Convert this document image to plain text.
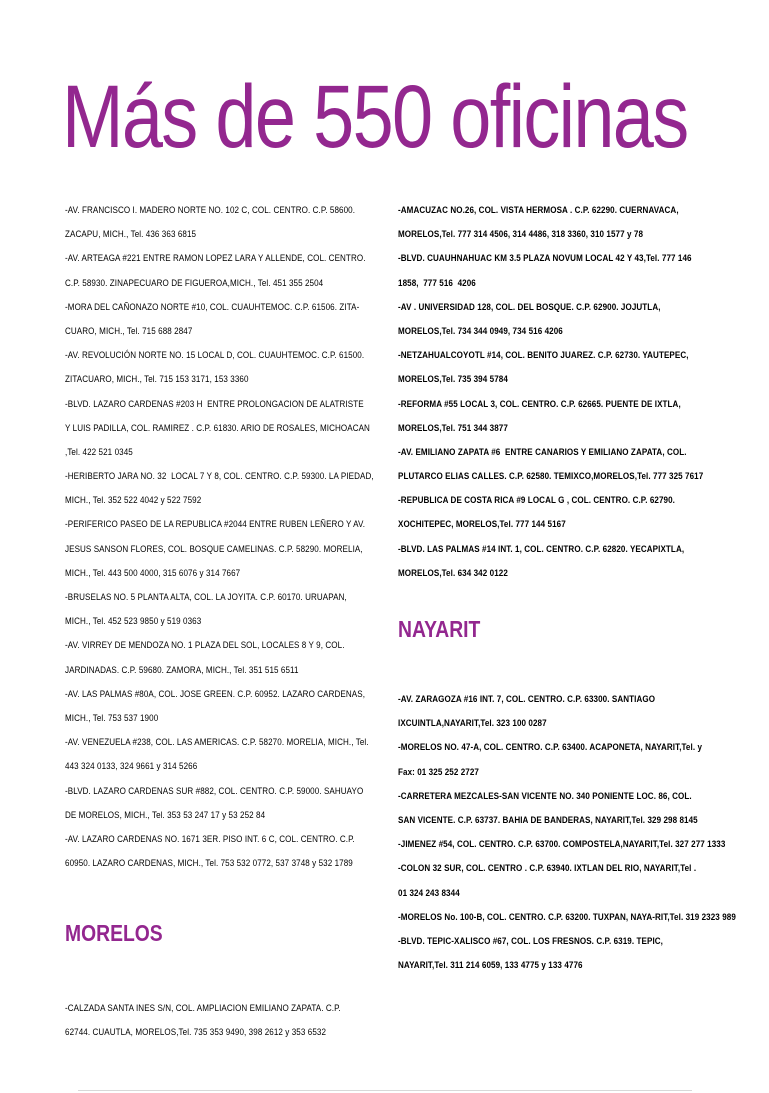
Más de 550 oficinas
-AV. FRANCISCO I. MADERO NORTE NO. 102 C, COL. CENTRO. C.P. 58600.
ZACAPU, MICH., Tel. 436 363 6815
-AV. ARTEAGA #221 ENTRE RAMON LOPEZ LARA Y ALLENDE, COL. CENTRO.
C.P. 58930. ZINAPECUARO DE FIGUEROA,MICH., Tel. 451 355 2504
-MORA DEL CAÑONAZO NORTE #10, COL. CUAUHTEMOC. C.P. 61506. ZITA-
CUARO, MICH., Tel. 715 688 2847
-AV. REVOLUCIÓN NORTE NO. 15 LOCAL D, COL. CUAUHTEMOC. C.P. 61500.
ZITACUARO, MICH., Tel. 715 153 3171, 153 3360
-BLVD. LAZARO CARDENAS #203 H  ENTRE PROLONGACION DE ALATRISTE
Y LUIS PADILLA, COL. RAMIREZ . C.P. 61830. ARIO DE ROSALES, MICHOACAN
,Tel. 422 521 0345
-HERIBERTO JARA NO. 32  LOCAL 7 Y 8, COL. CENTRO. C.P. 59300. LA PIEDAD,
MICH., Tel. 352 522 4042 y 522 7592
-PERIFERICO PASEO DE LA REPUBLICA #2044 ENTRE RUBEN LEÑERO Y AV.
JESUS SANSON FLORES, COL. BOSQUE CAMELINAS. C.P. 58290. MORELIA,
MICH., Tel. 443 500 4000, 315 6076 y 314 7667
-BRUSELAS NO. 5 PLANTA ALTA, COL. LA JOYITA. C.P. 60170. URUAPAN,
MICH., Tel. 452 523 9850 y 519 0363
-AV. VIRREY DE MENDOZA NO. 1 PLAZA DEL SOL, LOCALES 8 Y 9, COL.
JARDINADAS. C.P. 59680. ZAMORA, MICH., Tel. 351 515 6511
-AV. LAS PALMAS #80A, COL. JOSE GREEN. C.P. 60952. LAZARO CARDENAS,
MICH., Tel. 753 537 1900
-AV. VENEZUELA #238, COL. LAS AMERICAS. C.P. 58270. MORELIA, MICH., Tel.
443 324 0133, 324 9661 y 314 5266
-BLVD. LAZARO CARDENAS SUR #882, COL. CENTRO. C.P. 59000. SAHUAYO
DE MORELOS, MICH., Tel. 353 53 247 17 y 53 252 84
-AV. LAZARO CARDENAS NO. 1671 3ER. PISO INT. 6 C, COL. CENTRO. C.P.
60950. LAZARO CARDENAS, MICH., Tel. 753 532 0772, 537 3748 y 532 1789
MORELOS
-CALZADA SANTA INES S/N, COL. AMPLIACION EMILIANO ZAPATA. C.P.
62744. CUAUTLA, MORELOS,Tel. 735 353 9490, 398 2612 y 353 6532
-AMACUZAC NO.26, COL. VISTA HERMOSA . C.P. 62290. CUERNAVACA,
MORELOS,Tel. 777 314 4506, 314 4486, 318 3360, 310 1577 y 78
-BLVD. CUAUHNAHUAC KM 3.5 PLAZA NOVUM LOCAL 42 Y 43,Tel. 777 146
1858,  777 516  4206
-AV . UNIVERSIDAD 128, COL. DEL BOSQUE. C.P. 62900. JOJUTLA,
MORELOS,Tel. 734 344 0949, 734 516 4206
-NETZAHUALCOYOTL #14, COL. BENITO JUAREZ. C.P. 62730. YAUTEPEC,
MORELOS,Tel. 735 394 5784
-REFORMA #55 LOCAL 3, COL. CENTRO. C.P. 62665. PUENTE DE IXTLA,
MORELOS,Tel. 751 344 3877
-AV. EMILIANO ZAPATA #6  ENTRE CANARIOS Y EMILIANO ZAPATA, COL.
PLUTARCO ELIAS CALLES. C.P. 62580. TEMIXCO,MORELOS,Tel. 777 325 7617
-REPUBLICA DE COSTA RICA #9 LOCAL G , COL. CENTRO. C.P. 62790.
XOCHITEPEC, MORELOS,Tel. 777 144 5167
-BLVD. LAS PALMAS #14 INT. 1, COL. CENTRO. C.P. 62820. YECAPIXTLA,
MORELOS,Tel. 634 342 0122
NAYARIT
-AV. ZARAGOZA #16 INT. 7, COL. CENTRO. C.P. 63300. SANTIAGO
IXCUINTLA,NAYARIT,Tel. 323 100 0287
-MORELOS NO. 47-A, COL. CENTRO. C.P. 63400. ACAPONETA, NAYARIT,Tel. y
Fax: 01 325 252 2727
-CARRETERA MEZCALES-SAN VICENTE NO. 340 PONIENTE LOC. 86, COL.
SAN VICENTE. C.P. 63737. BAHIA DE BANDERAS, NAYARIT,Tel. 329 298 8145
-JIMENEZ #54, COL. CENTRO. C.P. 63700. COMPOSTELA,NAYARIT,Tel. 327 277 1333
-COLON 32 SUR, COL. CENTRO . C.P. 63940. IXTLAN DEL RIO, NAYARIT,Tel .
01 324 243 8344
-MORELOS No. 100-B, COL. CENTRO. C.P. 63200. TUXPAN, NAYA-RIT,Tel. 319 2323 989
-BLVD. TEPIC-XALISCO #67, COL. LOS FRESNOS. C.P. 6319. TEPIC,
NAYARIT,Tel. 311 214 6059, 133 4775 y 133 4776
